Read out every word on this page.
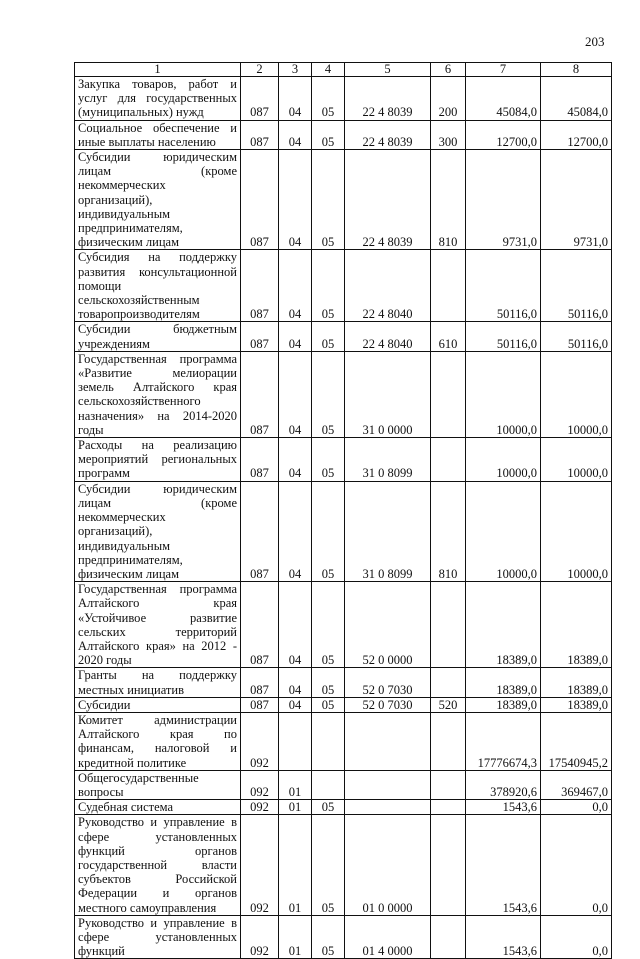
203
1	2	3	4	5	6	7	8
Закупка товаров, работ и услуг для государственных (муниципальных) нужд	087	04	05	22 4 8039	200	45084,0	45084,0
Социальное обеспечение и иные выплаты населению	087	04	05	22 4 8039	300	12700,0	12700,0
Субсидии юридическим лицам (кроме некоммерческих организаций), индивидуальным предпринимателям, физическим лицам	087	04	05	22 4 8039	810	9731,0	9731,0
Субсидия на поддержку развития консультационной помощи сельскохозяйственным товаропроизводителям	087	04	05	22 4 8040		50116,0	50116,0
Субсидии бюджетным учреждениям	087	04	05	22 4 8040	610	50116,0	50116,0
Государственная программа «Развитие мелиорации земель Алтайского края сельскохозяйственного назначения» на 2014-2020 годы	087	04	05	31 0 0000		10000,0	10000,0
Расходы на реализацию мероприятий региональных программ	087	04	05	31 0 8099		10000,0	10000,0
Субсидии юридическим лицам (кроме некоммерческих организаций), индивидуальным предпринимателям, физическим лицам	087	04	05	31 0 8099	810	10000,0	10000,0
Государственная программа Алтайского края «Устойчивое развитие сельских территорий Алтайского края» на 2012 - 2020 годы	087	04	05	52 0 0000		18389,0	18389,0
Гранты на поддержку местных инициатив	087	04	05	52 0 7030		18389,0	18389,0
Субсидии	087	04	05	52 0 7030	520	18389,0	18389,0
Комитет администрации Алтайского края по финансам, налоговой и кредитной политике	092					17776674,3	17540945,2
Общегосударственные вопросы	092	01				378920,6	369467,0
Судебная система	092	01	05			1543,6	0,0
Руководство и управление в сфере установленных функций органов государственной власти субъектов Российской Федерации и органов местного самоуправления	092	01	05	01 0 0000		1543,6	0,0
Руководство и управление в сфере установленных функций	092	01	05	01 4 0000		1543,6	0,0
